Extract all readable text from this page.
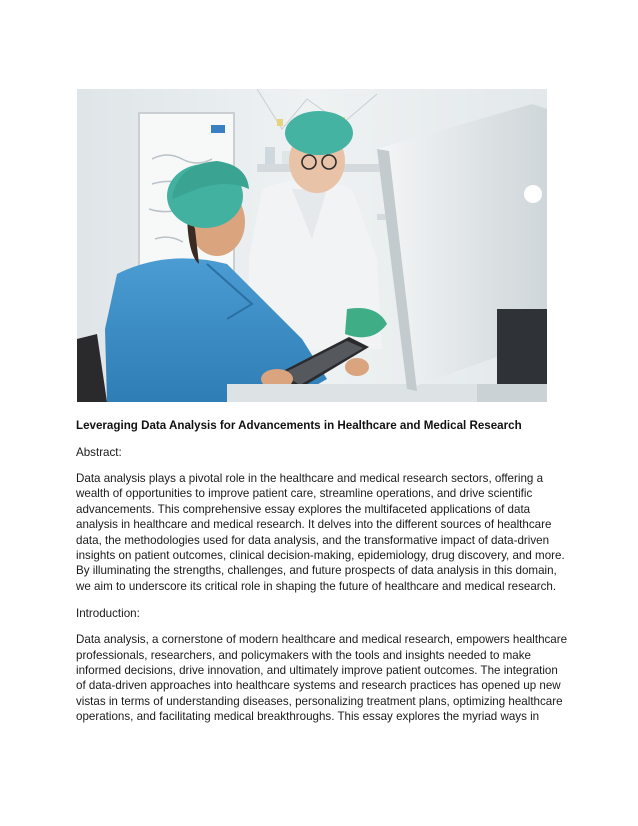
Leveraging Data Analysis for Advancements in Healthcare and Medical Research
Abstract:
Data analysis plays a pivotal role in the healthcare and medical research sectors, offering a
wealth of opportunities to improve patient care, streamline operations, and drive scientific
advancements. This comprehensive essay explores the multifaceted applications of data
analysis in healthcare and medical research. It delves into the different sources of healthcare
data, the methodologies used for data analysis, and the transformative impact of data-driven
insights on patient outcomes, clinical decision-making, epidemiology, drug discovery, and more.
By illuminating the strengths, challenges, and future prospects of data analysis in this domain,
we aim to underscore its critical role in shaping the future of healthcare and medical research.
Introduction:
Data analysis, a cornerstone of modern healthcare and medical research, empowers healthcare
professionals, researchers, and policymakers with the tools and insights needed to make
informed decisions, drive innovation, and ultimately improve patient outcomes. The integration
of data-driven approaches into healthcare systems and research practices has opened up new
vistas in terms of understanding diseases, personalizing treatment plans, optimizing healthcare
operations, and facilitating medical breakthroughs. This essay explores the myriad ways in
